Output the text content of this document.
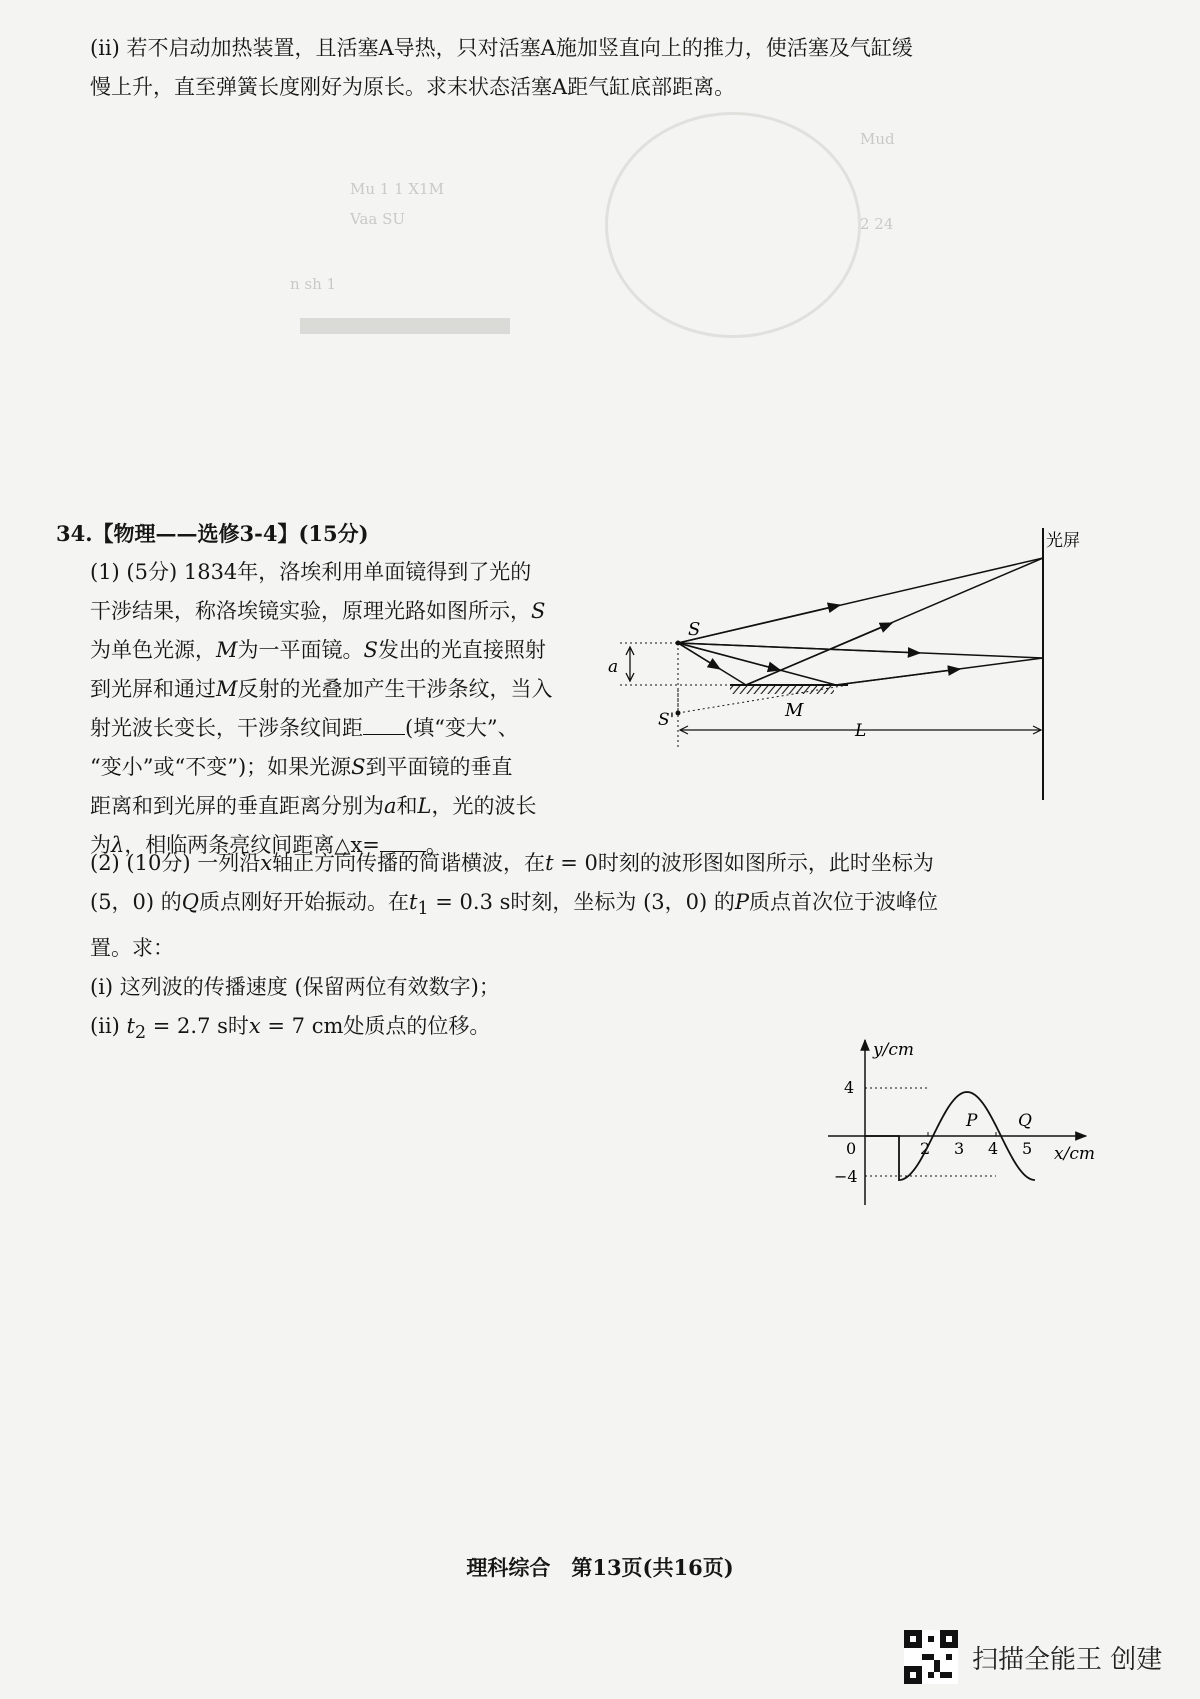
Mu 1 1 X1M
Vaa SU	2 24
Mud
n sh 1
(ⅱ) 若不启动加热装置，且活塞A导热，只对活塞A施加竖直向上的推力，使活塞及气缸缓
慢上升，直至弹簧长度刚好为原长。求末状态活塞A距气缸底部距离。
34.【物理——选修3-4】(15分)
(1) (5分) 1834年，洛埃利用单面镜得到了光的
干涉结果，称洛埃镜实验，原理光路如图所示，S
为单色光源，M为一平面镜。S发出的光直接照射
到光屏和通过M反射的光叠加产生干涉条纹，当入
射光波长变长，干涉条纹间距 (填“变大”、
“变小”或“不变”)；如果光源S到平面镜的垂直
距离和到光屏的垂直距离分别为a和L，光的波长
为λ，相临两条亮纹间距离△x= 。
(2) (10分) 一列沿x轴正方向传播的简谐横波，在t = 0时刻的波形图如图所示，此时坐标为
(5，0) 的Q质点刚好开始振动。在$t_1 = 0.3$ s时刻，坐标为 (3，0) 的P质点首次位于波峰位
置。求：
(ⅰ) 这列波的传播速度 (保留两位有效数字)；
(ⅱ) $t_2 = 2.7$ s时x = 7 cm处质点的位移。
光屏
M
S
S'
a
L
y/cm
x/cm
0
4
−4
2 3 4 5
P Q
理科综合　第13页(共16页)
扫描全能王 创建
